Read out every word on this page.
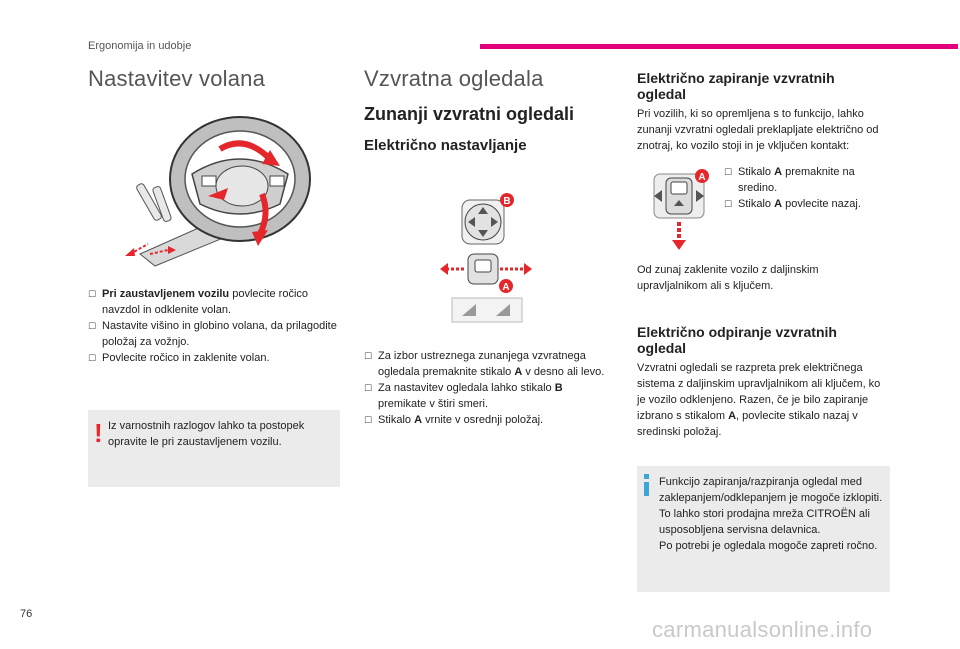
Ergonomija in udobje
Nastavitev volana
☐ Pri zaustavljenem vozilu povlecite ročico navzdol in odklenite volan.
☐ Nastavite višino in globino volana, da prilagodite položaj za vožnjo.
☐ Povlecite ročico in zaklenite volan.
! Iz varnostnih razlogov lahko ta postopek opravite le pri zaustavljenem vozilu.
Vzvratna ogledala
Zunanji vzvratni ogledali
Električno nastavljanje
B
A
☐ Za izbor ustreznega zunanjega vzvratnega ogledala premaknite stikalo A v desno ali levo.
☐ Za nastavitev ogledala lahko stikalo B premikate v štiri smeri.
☐ Stikalo A vrnite v osrednji položaj.
Električno zapiranje vzvratnih ogledal
Pri vozilih, ki so opremljena s to funkcijo, lahko zunanji vzvratni ogledali preklapljate električno od znotraj, ko vozilo stoji in je vključen kontakt:
A ☐ Stikalo A premaknite na sredino.
☐ Stikalo A povlecite nazaj.
Od zunaj zaklenite vozilo z daljinskim upravljalnikom ali s ključem.
Električno odpiranje vzvratnih ogledal
Vzvratni ogledali se razpreta prek električnega sistema z daljinskim upravljalnikom ali ključem, ko je vozilo odklenjeno. Razen, če je bilo zapiranje izbrano s stikalom A, povlecite stikalo nazaj v sredinski položaj.
Funkcijo zapiranja/razpiranja ogledal med zaklepanjem/odklepanjem je mogoče izklopiti. To lahko stori prodajna mreža CITROËN ali usposobljena servisna delavnica.
Po potrebi je ogledala mogoče zapreti ročno.
76
carmanualsonline.info
